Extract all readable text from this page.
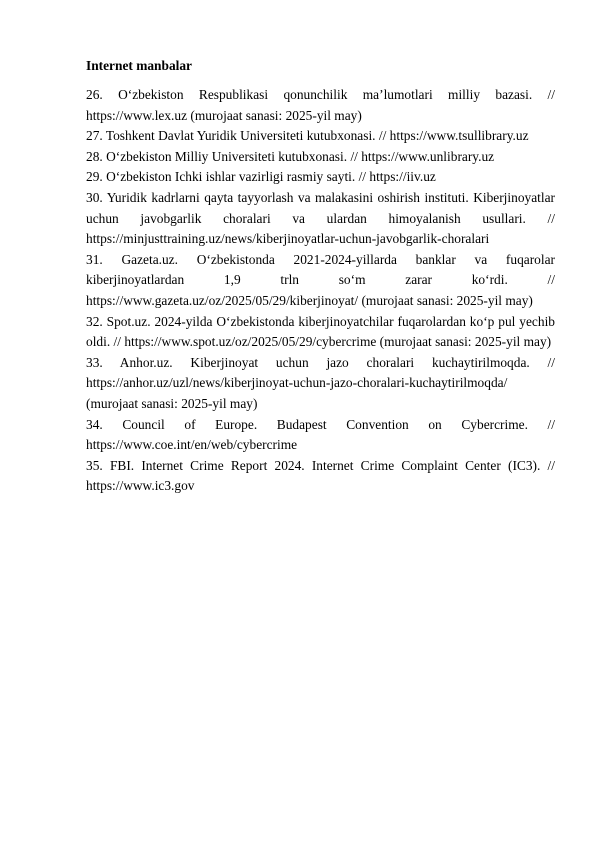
Internet manbalar

26. O‘zbekiston Respublikasi qonunchilik ma’lumotlari milliy bazasi. // https://www.lex.uz (murojaat sanasi: 2025-yil may)

27. Toshkent Davlat Yuridik Universiteti kutubxonasi. // https://www.tsullibrary.uz

28. O‘zbekiston Milliy Universiteti kutubxonasi. // https://www.unlibrary.uz

29. O‘zbekiston Ichki ishlar vazirligi rasmiy sayti. // https://iiv.uz

30. Yuridik kadrlarni qayta tayyorlash va malakasini oshirish instituti. Kiberjinoyatlar uchun javobgarlik choralari va ulardan himoyalanish usullari. // https://minjusttraining.uz/news/kiberjinoyatlar-uchun-javobgarlik-choralari

31. Gazeta.uz. O‘zbekistonda 2021-2024-yillarda banklar va fuqarolar kiberjinoyatlardan 1,9 trln so‘m zarar ko‘rdi. // https://www.gazeta.uz/oz/2025/05/29/kiberjinoyat/ (murojaat sanasi: 2025-yil may)

32. Spot.uz. 2024-yilda O‘zbekistonda kiberjinoyatchilar fuqarolardan ko‘p pul yechib oldi. // https://www.spot.uz/oz/2025/05/29/cybercrime (murojaat sanasi: 2025-yil may)

33. Anhor.uz. Kiberjinoyat uchun jazo choralari kuchaytirilmoqda. // https://anhor.uz/uzl/news/kiberjinoyat-uchun-jazo-choralari-kuchaytirilmoqda/ (murojaat sanasi: 2025-yil may)

34. Council of Europe. Budapest Convention on Cybercrime. // https://www.coe.int/en/web/cybercrime

35. FBI. Internet Crime Report 2024. Internet Crime Complaint Center (IC3). // https://www.ic3.gov
